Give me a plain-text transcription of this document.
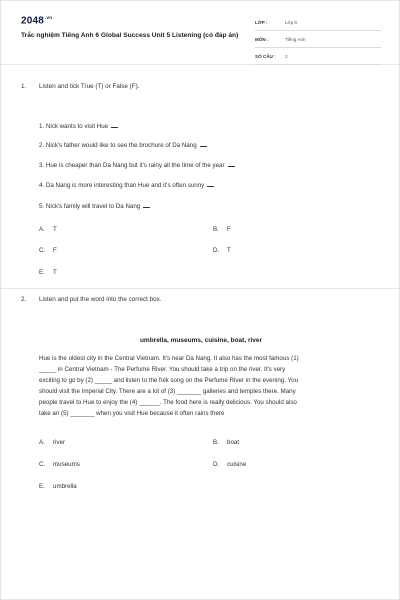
$2048^{.vn}$
Trắc nghiệm Tiếng Anh 6 Global Success Unit 5 Listening (có đáp án)
LỚP :	Lớp 6
MÔN :	Tiếng Anh
SỐ CÂU : 2
1. Listen and tick True (T) or False (F).
1. Nick wants to visit Hue
2. Nick's father would like to see the brochure of Da Nang
3. Hue is cheaper than Da Nang but it's rainy all the time of the year
4. Da Nang is more interesting than Hue and it's often sunny
5. Nick's family will travel to Da Nang
A. T	B. F
C. F	D. T
E. T
2. Listen and put the word into the correct box.
umbrella, museums, cuisine, boat, river
Hue is the oldest city in the Central Vietnam. It's near Da Nang. It also has the most famous (1)
_____ in Central Vietnam - The Perfume River. You should take a trip on the river. It's very
exciting to go by (2) _____ and listen to the folk song on the Perfume River in the evening. You
should visit the Imperial City. There are a lot of (3) _______ galleries and temples there. Many
people travel to Hue to enjoy the (4) ______. The food here is really delicious. You should also
take an (5) _______ when you visit Hue because it often rains there
A. river	B. boat
C. museums	D. cuisine
E. umbrella
